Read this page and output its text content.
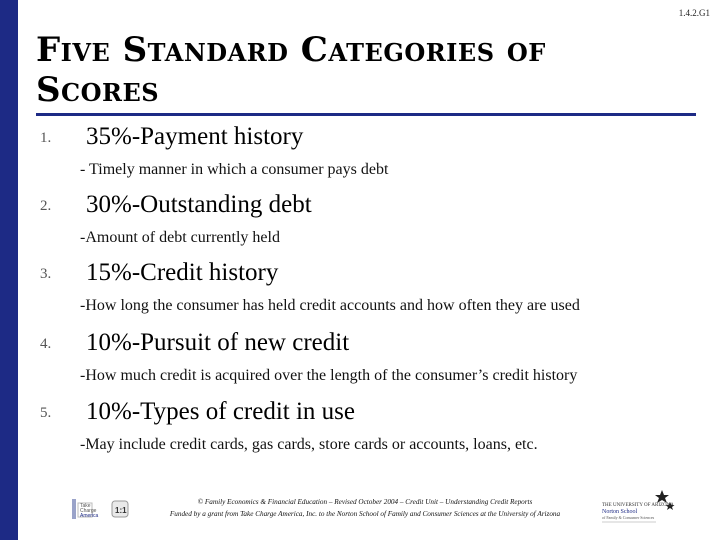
1.4.2.G1
Five Standard Categories of Scores
1.	35%-Payment history
- Timely manner in which a consumer pays debt
2.	30%-Outstanding debt
-Amount of debt currently held
3.	15%-Credit history
-How long the consumer has held credit accounts and how often they are used
4.	10%-Pursuit of new credit
-How much credit is acquired over the length of the consumer’s credit history
5.	10%-Types of credit in use
-May include credit cards, gas cards, store cards or accounts, loans, etc.
Take
Charge
America
1:1
© Family Economics & Financial Education – Revised October 2004 – Credit Unit – Understanding Credit Reports
Funded by a grant from Take Charge America, Inc. to the Norton School of Family and Consumer Sciences at the University of Arizona
THE UNIVERSITY OF ARIZONA
Norton School
of Family & Consumer Sciences
